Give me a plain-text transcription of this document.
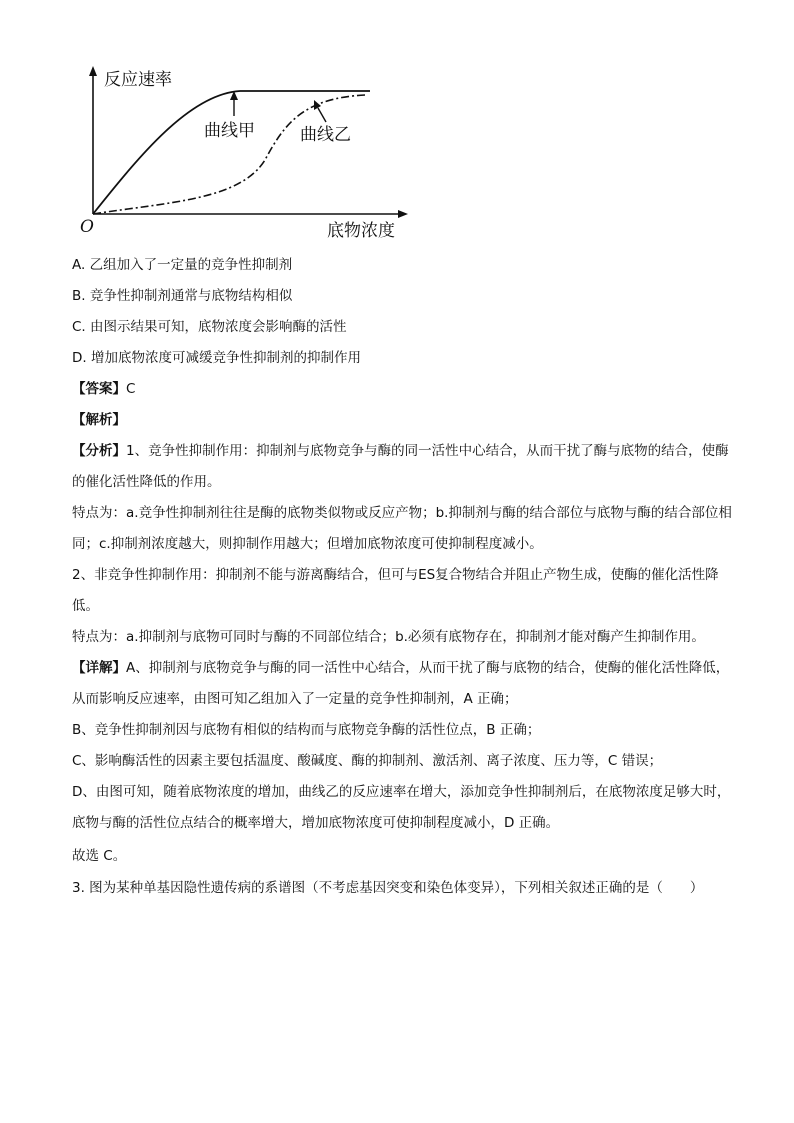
反应速率
底物浓度
O
曲线甲	曲线乙
A. 乙组加入了一定量的竞争性抑制剂
B. 竞争性抑制剂通常与底物结构相似
C. 由图示结果可知，底物浓度会影响酶的活性
D. 增加底物浓度可减缓竞争性抑制剂的抑制作用
【答案】C
【解析】
【分析】1、竞争性抑制作用：抑制剂与底物竞争与酶的同一活性中心结合，从而干扰了酶与底物的结合，使酶的催化活性降低的作用。
特点为：a.竞争性抑制剂往往是酶的底物类似物或反应产物；b.抑制剂与酶的结合部位与底物与酶的结合部位相同；c.抑制剂浓度越大，则抑制作用越大；但增加底物浓度可使抑制程度减小。
2、非竞争性抑制作用：抑制剂不能与游离酶结合，但可与ES复合物结合并阻止产物生成，使酶的催化活性降低。
特点为：a.抑制剂与底物可同时与酶的不同部位结合；b.必须有底物存在，抑制剂才能对酶产生抑制作用。
【详解】A、抑制剂与底物竞争与酶的同一活性中心结合，从而干扰了酶与底物的结合，使酶的催化活性降低，从而影响反应速率，由图可知乙组加入了一定量的竞争性抑制剂，A 正确；
B、竞争性抑制剂因与底物有相似的结构而与底物竞争酶的活性位点，B 正确；
C、影响酶活性的因素主要包括温度、酸碱度、酶的抑制剂、激活剂、离子浓度、压力等，C 错误；
D、由图可知，随着底物浓度的增加，曲线乙的反应速率在增大，添加竞争性抑制剂后，在底物浓度足够大时，底物与酶的活性位点结合的概率增大，增加底物浓度可使抑制程度减小，D 正确。
故选 C。
3. 图为某种单基因隐性遗传病的系谱图（不考虑基因突变和染色体变异），下列相关叙述正确的是（　　）
